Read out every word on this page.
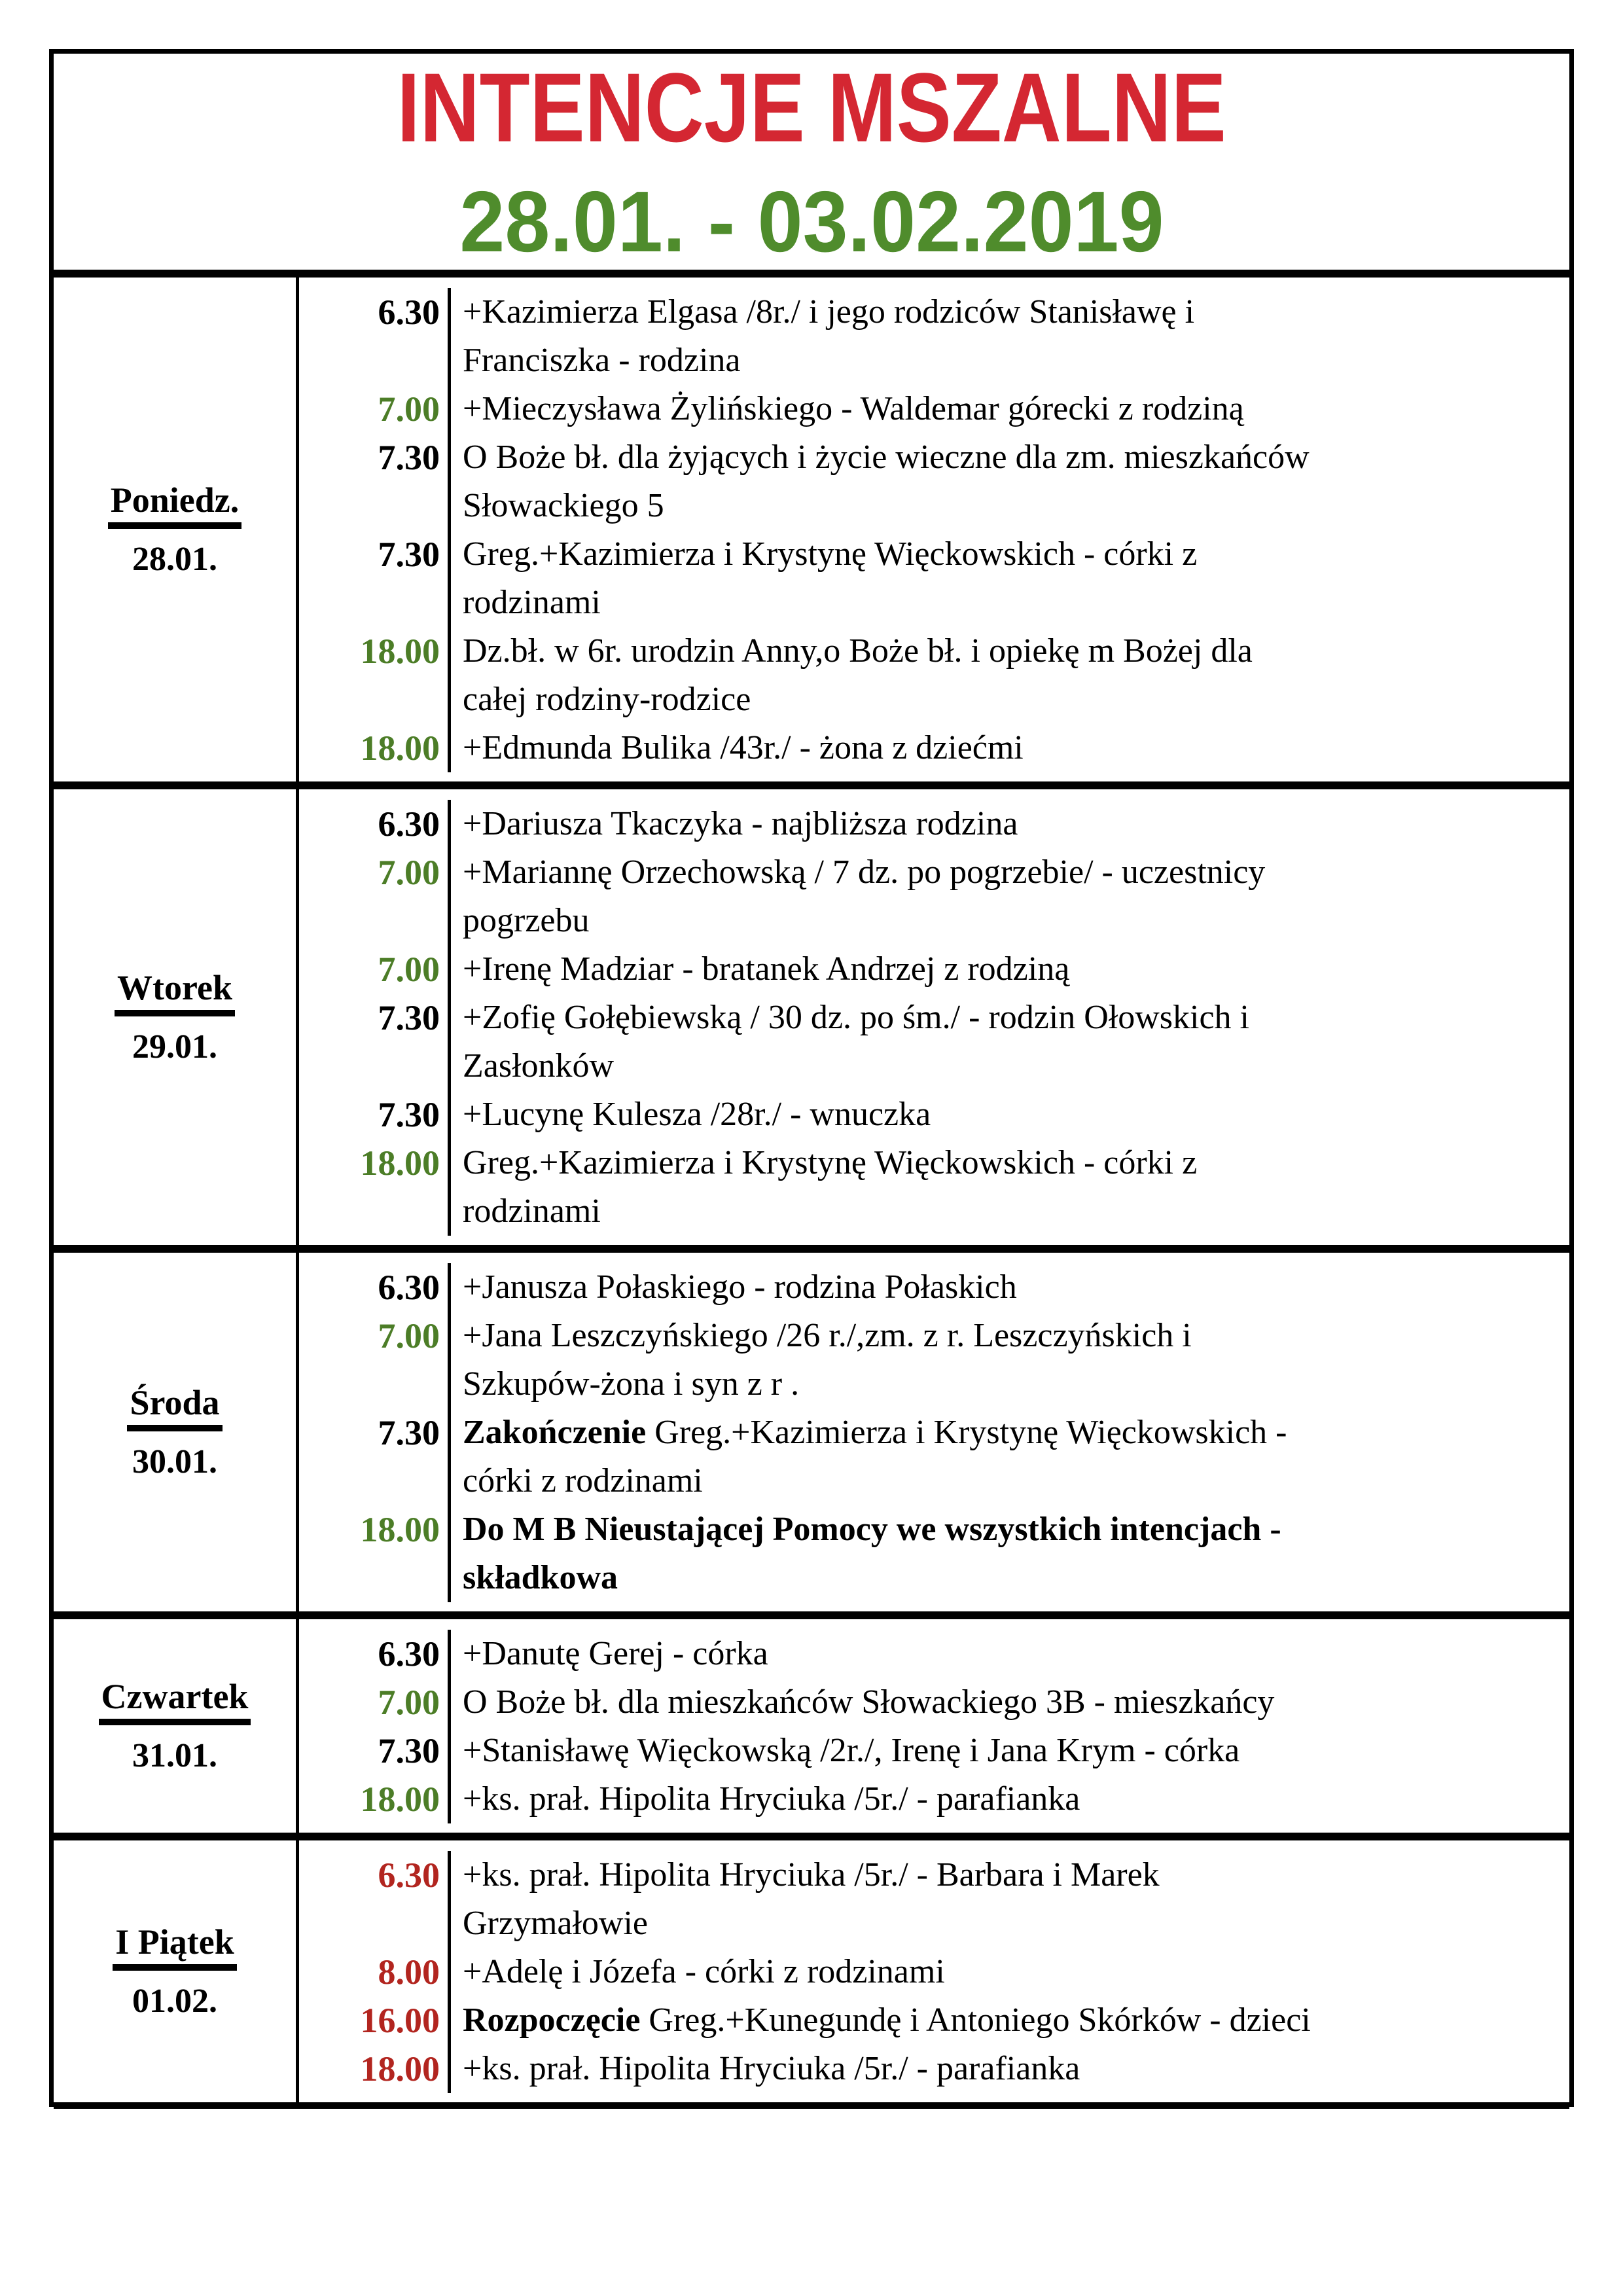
INTENCJE MSZALNE
28.01. - 03.02.2019
Poniedz.
28.01.
6.30 +Kazimierza Elgasa /8r./ i jego rodziców Stanisławę i
Franciszka - rodzina
7.00 +Mieczysława Żylińskiego - Waldemar górecki z rodziną
7.30 O Boże bł. dla żyjących i życie wieczne dla zm. mieszkańców
Słowackiego 5
7.30 Greg.+Kazimierza i Krystynę Więckowskich - córki z
rodzinami
18.00 Dz.bł. w 6r. urodzin Anny,o Boże bł. i opiekę m Bożej dla
całej rodziny-rodzice
18.00 +Edmunda Bulika /43r./ - żona z dziećmi
Wtorek
29.01.
6.30 +Dariusza Tkaczyka - najbliższa rodzina
7.00 +Mariannę Orzechowską / 7 dz. po pogrzebie/ - uczestnicy
pogrzebu
7.00 +Irenę Madziar - bratanek Andrzej z rodziną
7.30 +Zofię Gołębiewską / 30 dz. po śm./ - rodzin Ołowskich i
Zasłonków
7.30 +Lucynę Kulesza /28r./ - wnuczka
18.00 Greg.+Kazimierza i Krystynę Więckowskich - córki z
rodzinami
Środa
30.01.
6.30 +Janusza Połaskiego - rodzina Połaskich
7.00 +Jana Leszczyńskiego /26 r./,zm. z r. Leszczyńskich i
Szkupów-żona i syn z r .
7.30 Zakończenie Greg.+Kazimierza i Krystynę Więckowskich -
córki z rodzinami
18.00 Do M B Nieustającej Pomocy we wszystkich intencjach -
składkowa
Czwartek
31.01.
6.30 +Danutę Gerej - córka
7.00 O Boże bł. dla mieszkańców Słowackiego 3B - mieszkańcy
7.30 +Stanisławę Więckowską /2r./, Irenę i Jana Krym - córka
18.00 +ks. prał. Hipolita Hryciuka /5r./ - parafianka
I Piątek
01.02.
6.30 +ks. prał. Hipolita Hryciuka /5r./ - Barbara i Marek
Grzymałowie
8.00 +Adelę i Józefa - córki z rodzinami
16.00 Rozpoczęcie Greg.+Kunegundę i Antoniego Skórków - dzieci
18.00 +ks. prał. Hipolita Hryciuka /5r./ - parafianka
